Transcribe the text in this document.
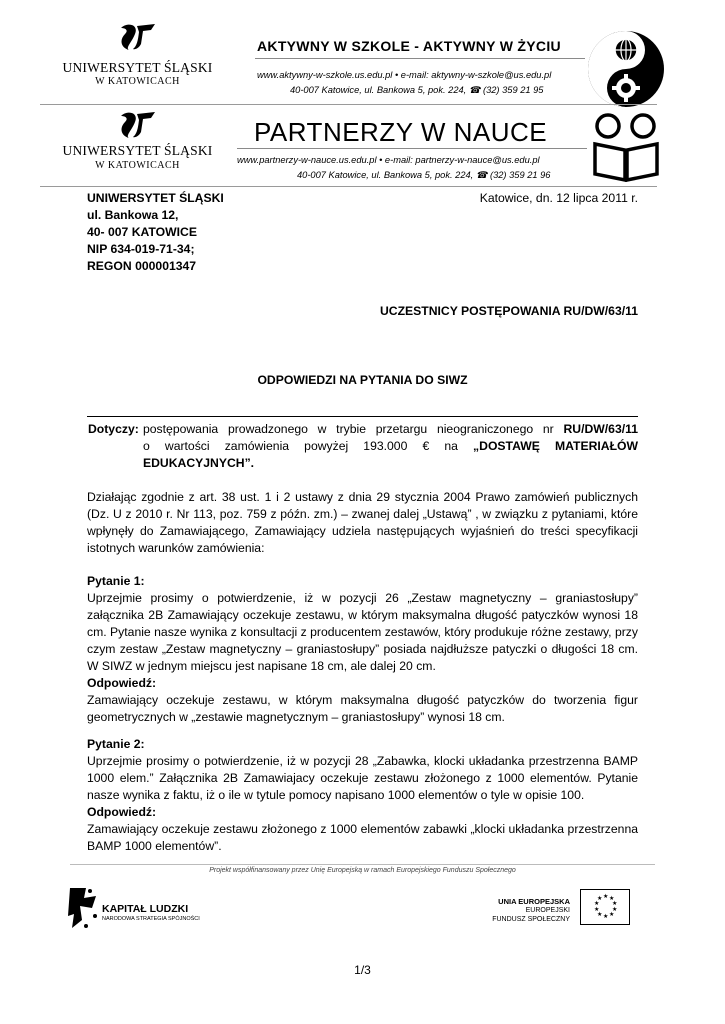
UNIWERSYTET ŚLĄSKI
W KATOWICACH
AKTYWNY W SZKOLE - AKTYWNY W ŻYCIU
www.aktywny-w-szkole.us.edu.pl • e-mail: aktywny-w-szkole@us.edu.pl
40-007 Katowice, ul. Bankowa 5, pok. 224, ☎ (32) 359 21 95
UNIWERSYTET ŚLĄSKI
W KATOWICACH
PARTNERZY W NAUCE
www.partnerzy-w-nauce.us.edu.pl • e-mail: partnerzy-w-nauce@us.edu.pl
40-007 Katowice, ul. Bankowa 5, pok. 224, ☎ (32) 359 21 96
UNIWERSYTET ŚLĄSKI
ul. Bankowa 12,
40- 007 KATOWICE
NIP 634-019-71-34;
REGON 000001347
Katowice, dn. 12 lipca 2011 r.
UCZESTNICY POSTĘPOWANIA RU/DW/63/11
ODPOWIEDZI NA PYTANIA DO SIWZ
Dotyczy: postępowania prowadzonego w trybie przetargu nieograniczonego nr RU/DW/63/11
o wartości zamówienia powyżej 193.000 € na „DOSTAWĘ MATERIAŁÓW
EDUKACYJNYCH”.
Działając zgodnie z art. 38 ust. 1 i 2 ustawy z dnia 29 stycznia 2004 Prawo zamówień publicznych (Dz. U z 2010 r. Nr 113, poz. 759 z późn. zm.) – zwanej dalej „Ustawą” , w związku z pytaniami, które wpłynęły do Zamawiającego, Zamawiający udziela następujących wyjaśnień do treści specyfikacji istotnych warunków zamówienia:
Pytanie 1:
Uprzejmie prosimy o potwierdzenie, iż w pozycji 26 „Zestaw magnetyczny – graniastosłupy” załącznika 2B Zamawiający oczekuje zestawu, w którym maksymalna długość patyczków wynosi 18 cm. Pytanie nasze wynika z konsultacji z producentem zestawów, który produkuje różne zestawy, przy czym zestaw „Zestaw magnetyczny – graniastosłupy” posiada najdłuższe patyczki o długości 18 cm. W SIWZ w jednym miejscu jest napisane 18 cm, ale dalej 20 cm.
Odpowiedź:
Zamawiający oczekuje zestawu, w którym maksymalna długość patyczków do tworzenia figur geometrycznych w „zestawie magnetycznym – graniastosłupy” wynosi 18 cm.
Pytanie 2:
Uprzejmie prosimy o potwierdzenie, iż w pozycji 28 „Zabawka, klocki układanka przestrzenna BAMP 1000 elem.” Załącznika 2B Zamawiajacy oczekuje zestawu złożonego z 1000 elementów. Pytanie nasze wynika z faktu, iż o ile w tytule pomocy napisano 1000 elementów o tyle w opisie 100.
Odpowiedź:
Zamawiający oczekuje zestawu złożonego z 1000 elementów zabawki „klocki układanka przestrzenna BAMP 1000 elementów”.
Projekt współfinansowany przez Unię Europejską w ramach Europejskiego Funduszu Społecznego
KAPITAŁ LUDZKI
NARODOWA STRATEGIA SPÓJNOŚCI
UNIA EUROPEJSKA
EUROPEJSKI
FUNDUSZ SPOŁECZNY
★ ★
★
★
★
★
★
★
★
★
1/3
